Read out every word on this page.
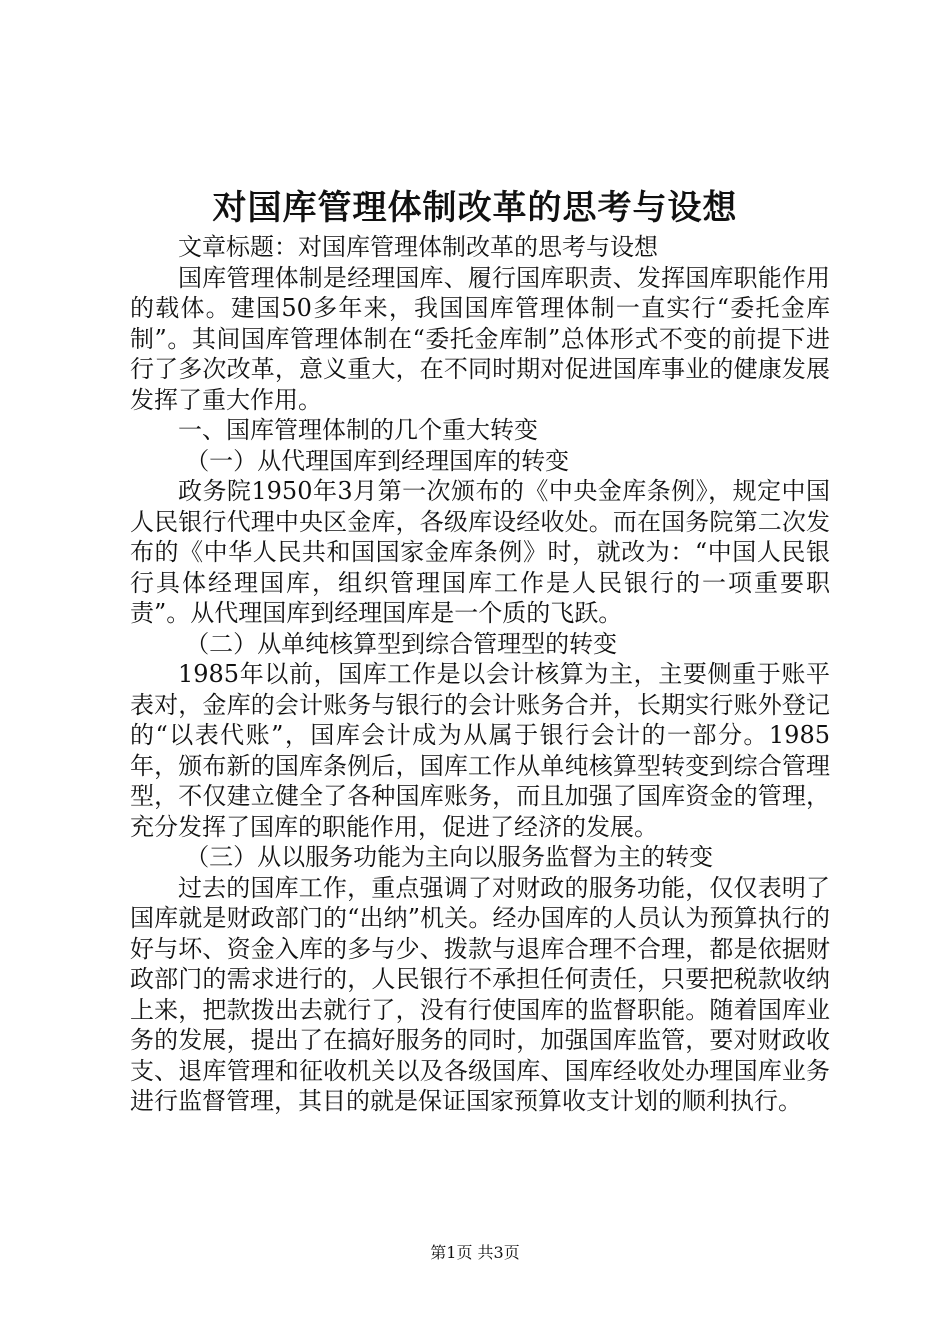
对国库管理体制改革的思考与设想

文章标题：对国库管理体制改革的思考与设想

国库管理体制是经理国库、履行国库职责、发挥国库职能作用的载体。建国50多年来，我国国库管理体制一直实行“委托金库制”。其间国库管理体制在“委托金库制”总体形式不变的前提下进行了多次改革，意义重大，在不同时期对促进国库事业的健康发展发挥了重大作用。

一、国库管理体制的几个重大转变

（一）从代理国库到经理国库的转变

政务院1950年3月第一次颁布的《中央金库条例》，规定中国人民银行代理中央区金库，各级库设经收处。而在国务院第二次发布的《中华人民共和国国家金库条例》时，就改为：“中国人民银行具体经理国库，组织管理国库工作是人民银行的一项重要职责”。从代理国库到经理国库是一个质的飞跃。

（二）从单纯核算型到综合管理型的转变

1985年以前，国库工作是以会计核算为主，主要侧重于账平表对，金库的会计账务与银行的会计账务合并，长期实行账外登记的“以表代账”，国库会计成为从属于银行会计的一部分。1985年，颁布新的国库条例后，国库工作从单纯核算型转变到综合管理型，不仅建立健全了各种国库账务，而且加强了国库资金的管理，充分发挥了国库的职能作用，促进了经济的发展。

（三）从以服务功能为主向以服务监督为主的转变

过去的国库工作，重点强调了对财政的服务功能，仅仅表明了国库就是财政部门的“出纳”机关。经办国库的人员认为预算执行的好与坏、资金入库的多与少、拨款与退库合理不合理，都是依据财政部门的需求进行的，人民银行不承担任何责任，只要把税款收纳上来，把款拨出去就行了，没有行使国库的监督职能。随着国库业务的发展，提出了在搞好服务的同时，加强国库监管，要对财政收支、退库管理和征收机关以及各级国库、国库经收处办理国库业务进行监督管理，其目的就是保证国家预算收支计划的顺利执行。

第1页 共3页
